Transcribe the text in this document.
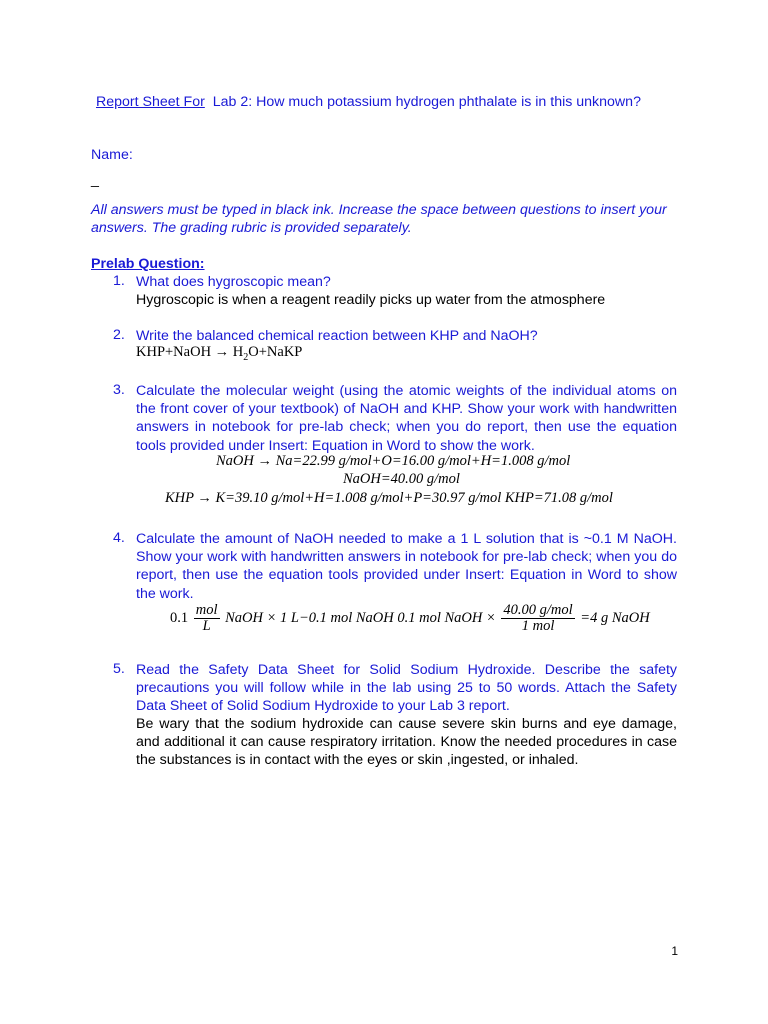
Report Sheet For Lab 2: How much potassium hydrogen phthalate is in this unknown?
Name:
_
All answers must be typed in black ink. Increase the space between questions to insert your answers. The grading rubric is provided separately.
Prelab Question:
1. What does hygroscopic mean?
Hygroscopic is when a reagent readily picks up water from the atmosphere
2. Write the balanced chemical reaction between KHP and NaOH?
KHP+NaOH → $H_2O+NaKP$
3. Calculate the molecular weight (using the atomic weights of the individual atoms on the front cover of your textbook) of NaOH and KHP. Show your work with handwritten answers in notebook for pre-lab check; when you do report, then use the equation tools provided under Insert: Equation in Word to show the work.
NaOH → Na=22.99 g/mol+O=16.00 g/mol+H=1.008 g/mol
NaOH=40.00 g/mol
KHP → K=39.10 g/mol+H=1.008 g/mol+P=30.97 g/mol KHP=71.08 g/mol
4. Calculate the amount of NaOH needed to make a 1 L solution that is ~0.1 M NaOH. Show your work with handwritten answers in notebook for pre-lab check; when you do report, then use the equation tools provided under Insert: Equation in Word to show the work.
$0.1 \frac{\text{mol}}{L}$ NaOH × 1 L−0.1 mol NaOH 0.1 mol NaOH × $\frac{\text{40.00 g/mol}}{\text{1 mol}} =4$ g NaOH
5. Read the Safety Data Sheet for Solid Sodium Hydroxide. Describe the safety precautions you will follow while in the lab using 25 to 50 words. Attach the Safety Data Sheet of Solid Sodium Hydroxide to your Lab 3 report.
Be wary that the sodium hydroxide can cause severe skin burns and eye damage, and additional it can cause respiratory irritation. Know the needed procedures in case the substances is in contact with the eyes or skin ,ingested, or inhaled.
1
